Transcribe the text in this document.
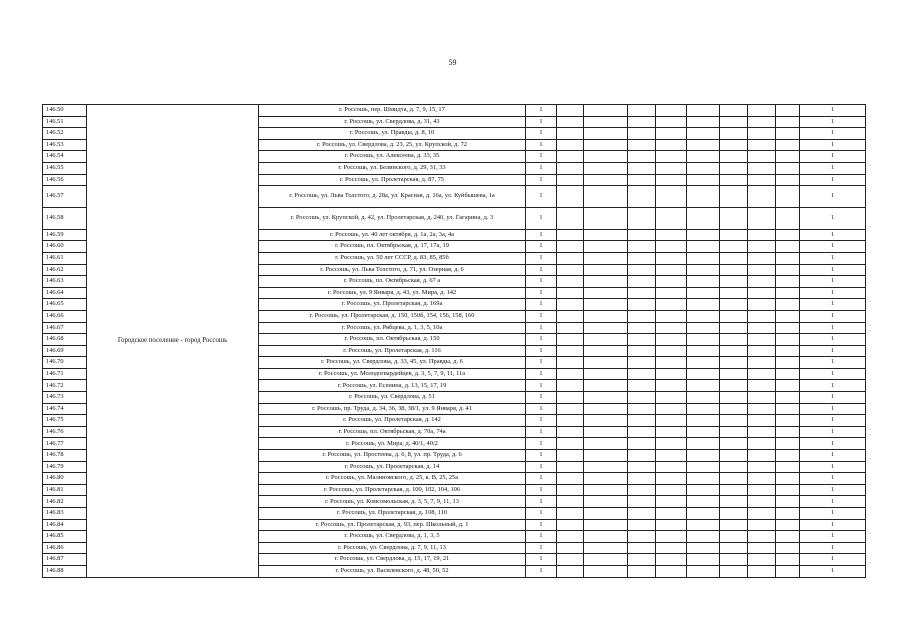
59
146.50	Городское поселение - город Россошь	г. Россошь, пер. Шмидта, д. 7, 9, 15, 17	1									1
146.51		г. Россошь, ул. Свердлова, д. 31, 43	1									1
146.52		г. Россошь, ул. Правды, д. 8, 10	1									1
146.53		г. Россошь, ул. Свердлова, д. 23, 25, ул. Крупской, д. 72	1									1
146.54		г. Россошь, ул. Алексеева, д. 33, 35	1									1
146.55		г. Россошь, ул. Белинского, д. 29, 31, 33	1									1
146.56		г. Россошь, ул. Пролетарская, д. 87, 75	1									1
146.57		г. Россошь, ул. Льва Толстого, д. 28а, ул. Красная, д. 16а, ул. Куйбышева, 1а	1									1
146.58		г. Россошь, ул. Крупской, д. 42, ул. Пролетарская, д. 240, ул. Гагарина, д. 3	1									1
146.59		г. Россошь, ул. 40 лет октября, д. 1а, 2а, 3а, 4а	1									1
146.60		г. Россошь, пл. Октябрьская, д. 17, 17а, 19	1									1
146.61		г. Россошь, ул. 50 лет СССР, д. 83, 85, 85б	1									1
146.62		г. Россошь, ул. Льва Толстого, д. 71, ул. Озерная, д. 6	1									1
146.63		г. Россошь, пл. Октябрьская, д. 67 а	1									1
146.64		г. Россошь, ул. 9 Января, д. 43, ул. Мира, д. 142	1									1
146.65		г. Россошь, ул. Пролетарская, д. 169а	1									1
146.66		г. Россошь, ул. Пролетарская, д. 150, 150б, 154, 156, 158, 160	1									1
146.67		г. Россошь, ул. Рябцева, д. 1, 3, 5, 10а	1									1
146.68		г. Россошь, пл. Октябрьская, д. 150	1									1
146.69		г. Россошь, ул. Пролетарская, д. 116	1									1
146.70		г. Россошь, ул. Свердлова, д. 33, 45, ул. Правды, д. 6	1									1
146.71		г. Россошь, ул. Молодогвардейцев, д. 3, 5, 7, 9, 11, 11а	1									1
146.72		г. Россошь, ул. Есенина, д. 13, 15, 17, 19	1									1
146.73		г. Россошь, ул. Свердлова, д. 51	1									1
146.74		г. Россошь, пр. Труда, д. 34, 36, 38, 38/1, ул. 9 Января, д. 41	1									1
146.75		г. Россошь, ул. Пролетарская, д. 142	1									1
146.76		г. Россошь, пл. Октябрьская, д. 70а, 74а	1									1
146.77		г. Россошь, ул. Мира, д. 40/1, 40/2	1									1
146.78		г. Россошь, ул. Простеева, д. 6, 8, ул. пр. Труда, д. 6	1									1
146.79		г. Россошь, ул. Пролетарская, д. 14	1									1
146.80		г. Россошь, ул. Малиновского, д. 25, к. В, 25, 25а	1									1
146.81		г. Россошь, ул. Пролетарская, д. 100, 102, 104, 106	1									1
146.82		г. Россошь, ул. Комсомольская, д. 3, 5, 7, 9, 11, 13	1									1
146.83		г. Россошь, ул. Пролетарская, д. 108, 110	1									1
146.84		г. Россошь, ул. Пролетарская, д. 93, пер. Школьный, д. 1	1									1
146.85		г. Россошь, ул. Свердлова, д. 1, 3, 5	1									1
146.86		г. Россошь, ул. Свердлова, д. 7, 9, 11, 13	1									1
146.87		г. Россошь, ул. Свердлова, д. 15, 17, 19, 21	1									1
146.88		г. Россошь, ул. Василевского, д. 48, 50, 52	1									1
